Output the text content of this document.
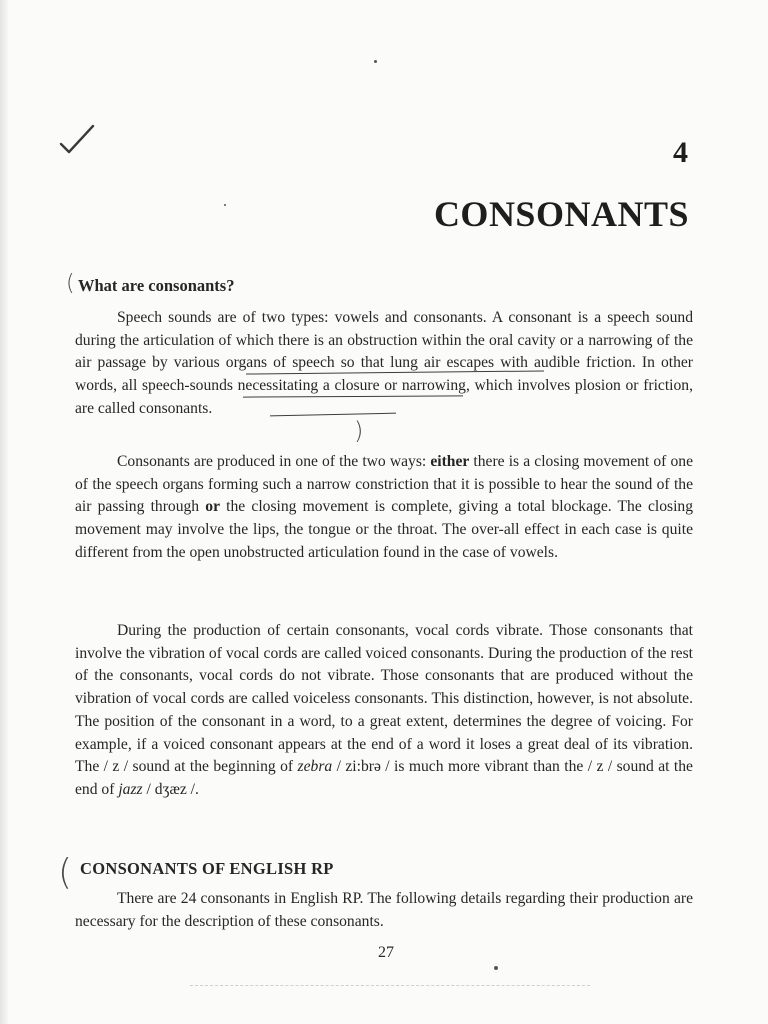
4
CONSONANTS
( What are consonants?

Speech sounds are of two types: vowels and consonants. A consonant is a speech sound during the articulation of which there is an obstruction within the oral cavity or a narrowing of the air passage by various organs of speech so that lung air escapes with audible friction. In other words, all speech-sounds necessitating a closure or narrowing, which involves plosion or friction, are called consonants.

)

Consonants are produced in one of the two ways: either there is a closing movement of one of the speech organs forming such a narrow constriction that it is possible to hear the sound of the air passing through or the closing movement is complete, giving a total blockage. The closing movement may involve the lips, the tongue or the throat. The over-all effect in each case is quite different from the open unobstructed articulation found in the case of vowels.

During the production of certain consonants, vocal cords vibrate. Those consonants that involve the vibration of vocal cords are called voiced consonants. During the production of the rest of the consonants, vocal cords do not vibrate. Those consonants that are produced without the vibration of vocal cords are called voiceless consonants. This distinction, however, is not absolute. The position of the consonant in a word, to a great extent, determines the degree of voicing. For example, if a voiced consonant appears at the end of a word it loses a great deal of its vibration. The / z / sound at the beginning of zebra / zi:brə / is much more vibrant than the / z / sound at the end of jazz / dʒæz /.

( CONSONANTS OF ENGLISH RP

There are 24 consonants in English RP. The following details regarding their production are necessary for the description of these consonants.

27
